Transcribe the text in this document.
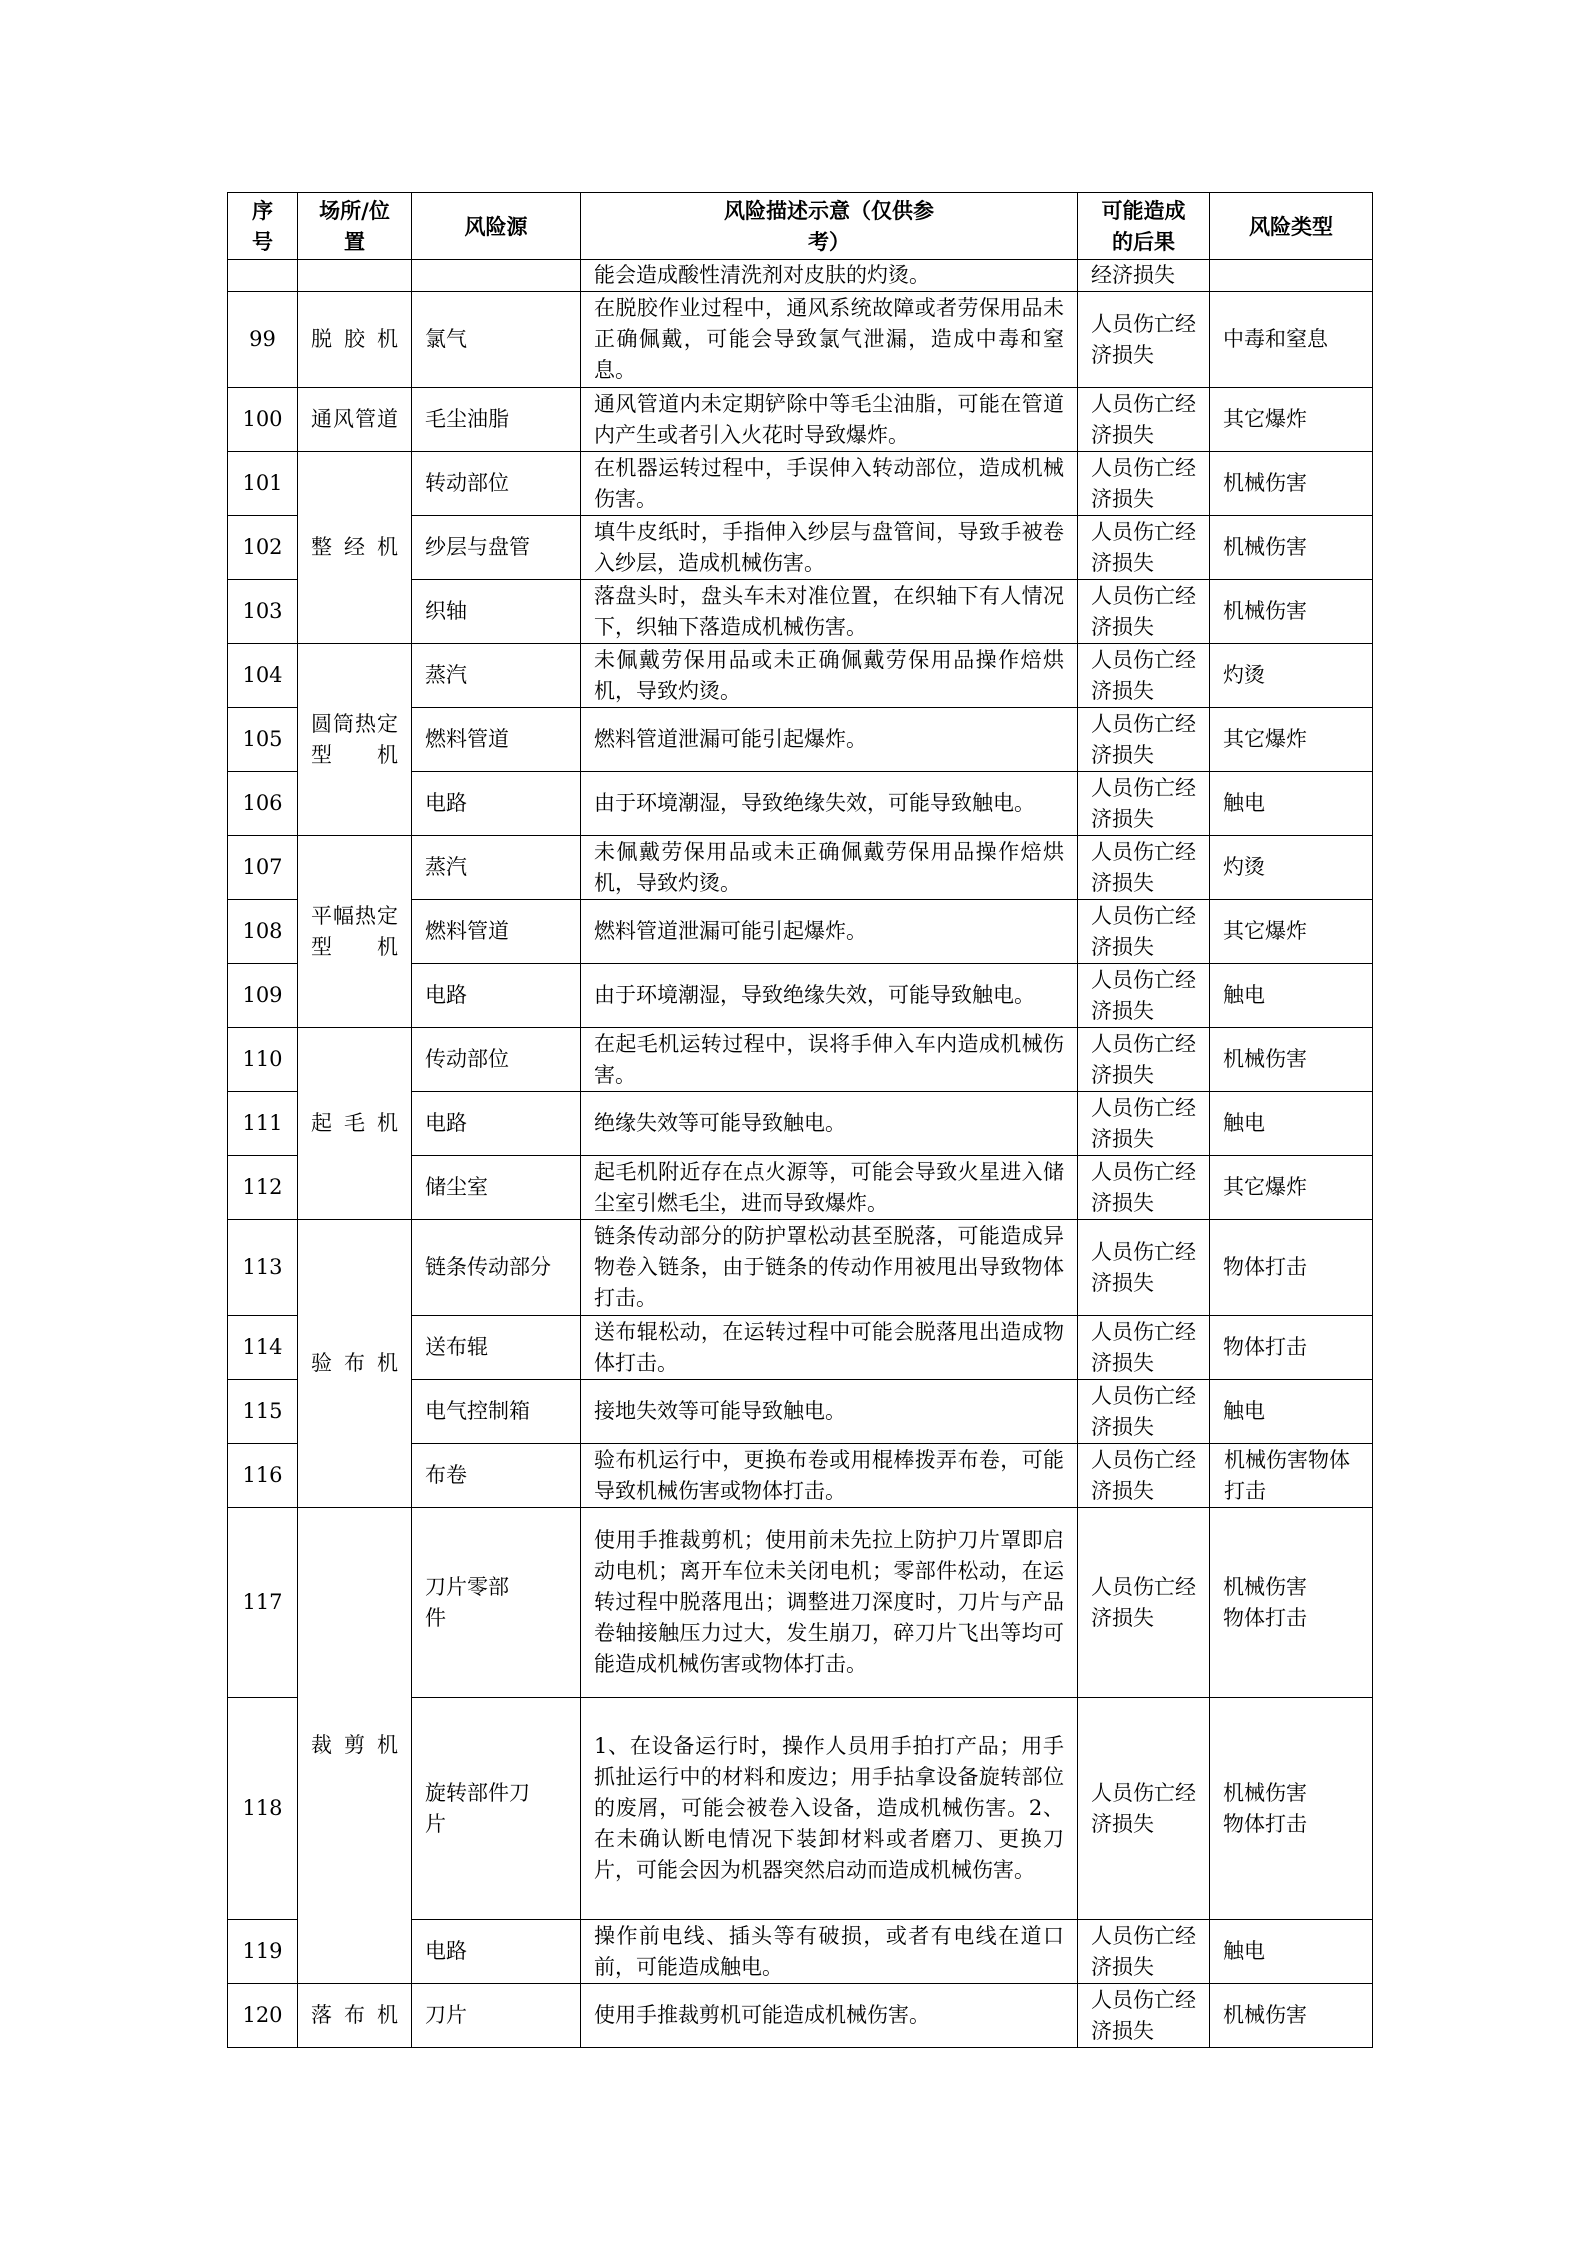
序号	场所/位置	风险源	风险描述示意（仅供参考）	可能造成的后果	风险类型
			能会造成酸性清洗剂对皮肤的灼烫。	经济损失	
99	脱胶机	氯气	在脱胶作业过程中，通风系统故障或者劳保用品未正确佩戴，可能会导致氯气泄漏，造成中毒和窒息。	人员伤亡经济损失	中毒和窒息
100	通风管道	毛尘油脂	通风管道内未定期铲除中等毛尘油脂，可能在管道内产生或者引入火花时导致爆炸。	人员伤亡经济损失	其它爆炸
101	整经机	转动部位	在机器运转过程中，手误伸入转动部位，造成机械伤害。	人员伤亡经济损失	机械伤害
102		纱层与盘管	填牛皮纸时，手指伸入纱层与盘管间，导致手被卷入纱层，造成机械伤害。	人员伤亡经济损失	机械伤害
103		织轴	落盘头时，盘头车未对准位置，在织轴下有人情况下，织轴下落造成机械伤害。	人员伤亡经济损失	机械伤害
104	圆筒热定型机	蒸汽	未佩戴劳保用品或未正确佩戴劳保用品操作焙烘机，导致灼烫。	人员伤亡经济损失	灼烫
105		燃料管道	燃料管道泄漏可能引起爆炸。	人员伤亡经济损失	其它爆炸
106		电路	由于环境潮湿，导致绝缘失效，可能导致触电。	人员伤亡经济损失	触电
107	平幅热定型机	蒸汽	未佩戴劳保用品或未正确佩戴劳保用品操作焙烘机，导致灼烫。	人员伤亡经济损失	灼烫
108		燃料管道	燃料管道泄漏可能引起爆炸。	人员伤亡经济损失	其它爆炸
109		电路	由于环境潮湿，导致绝缘失效，可能导致触电。	人员伤亡经济损失	触电
110	起毛机	传动部位	在起毛机运转过程中，误将手伸入车内造成机械伤害。	人员伤亡经济损失	机械伤害
111		电路	绝缘失效等可能导致触电。	人员伤亡经济损失	触电
112		储尘室	起毛机附近存在点火源等，可能会导致火星进入储尘室引燃毛尘，进而导致爆炸。	人员伤亡经济损失	其它爆炸
113	验布机	链条传动部分	链条传动部分的防护罩松动甚至脱落，可能造成异物卷入链条，由于链条的传动作用被甩出导致物体打击。	人员伤亡经济损失	物体打击
114		送布辊	送布辊松动，在运转过程中可能会脱落甩出造成物体打击。	人员伤亡经济损失	物体打击
115		电气控制箱	接地失效等可能导致触电。	人员伤亡经济损失	触电
116		布卷	验布机运行中，更换布卷或用棍棒拨弄布卷，可能导致机械伤害或物体打击。	人员伤亡经济损失	机械伤害物体打击
117	裁剪机	刀片零部件	使用手推裁剪机；使用前未先拉上防护刀片罩即启动电机；离开车位未关闭电机；零部件松动，在运转过程中脱落甩出；调整进刀深度时，刀片与产品卷轴接触压力过大，发生崩刀，碎刀片飞出等均可能造成机械伤害或物体打击。	人员伤亡经济损失	机械伤害物体打击
118		旋转部件刀片	1、在设备运行时，操作人员用手拍打产品；用手抓扯运行中的材料和废边；用手拈拿设备旋转部位的废屑，可能会被卷入设备，造成机械伤害。2、在未确认断电情况下装卸材料或者磨刀、更换刀片，可能会因为机器突然启动而造成机械伤害。	人员伤亡经济损失	机械伤害物体打击
119		电路	操作前电线、插头等有破损，或者有电线在道口前，可能造成触电。	人员伤亡经济损失	触电
120	落布机	刀片	使用手推裁剪机可能造成机械伤害。	人员伤亡经济损失	机械伤害
